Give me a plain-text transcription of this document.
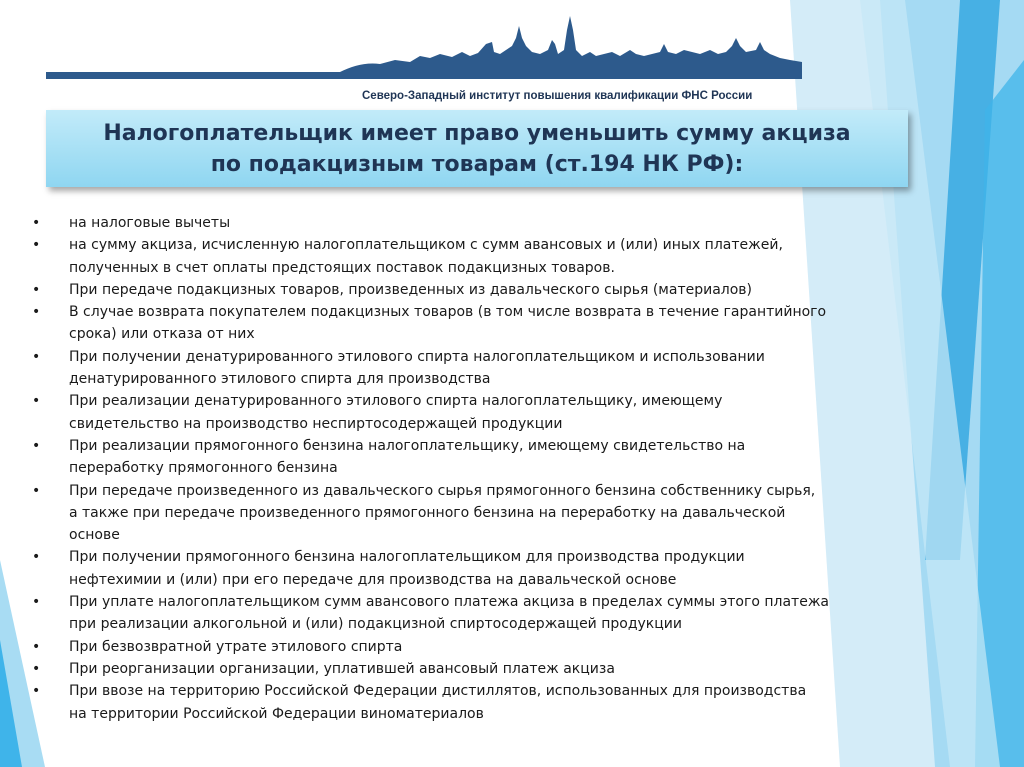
Северо-Западный институт повышения квалификации ФНС России
Налогоплательщик имеет право уменьшить сумму акциза
по подакцизным товарам (ст.194 НК РФ):
•	на налоговые вычеты
•	на сумму акциза, исчисленную налогоплательщиком с сумм авансовых и (или) иных платежей,
полученных в счет оплаты предстоящих поставок подакцизных товаров.
•	При передаче подакцизных товаров, произведенных из давальческого сырья (материалов)
•	В случае возврата покупателем подакцизных товаров (в том числе возврата в течение гарантийного
срока) или отказа от них
•	При получении денатурированного этилового спирта налогоплательщиком и использовании
денатурированного этилового спирта для производства
•	При реализации денатурированного этилового спирта налогоплательщику, имеющему
свидетельство на производство неспиртосодержащей продукции
•	При реализации прямогонного бензина налогоплательщику, имеющему свидетельство на
переработку прямогонного бензина
•	При передаче произведенного из давальческого сырья прямогонного бензина собственнику сырья,
а также при передаче произведенного прямогонного бензина на переработку на давальческой
основе
•	При получении прямогонного бензина налогоплательщиком для производства продукции
нефтехимии и (или) при его передаче для производства на давальческой основе
•	При уплате налогоплательщиком сумм авансового платежа акциза в пределах суммы этого платежа
при реализации алкогольной и (или) подакцизной спиртосодержащей продукции
•	При безвозвратной утрате этилового спирта
•	При реорганизации организации, уплатившей авансовый платеж акциза
•	При ввозе на территорию Российской Федерации дистиллятов, использованных для производства
на территории Российской Федерации виноматериалов
